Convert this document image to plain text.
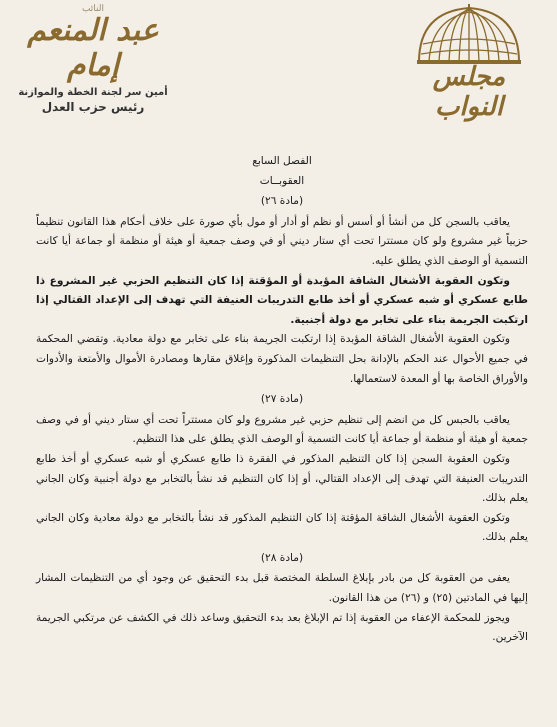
مجلس النواب
النائب
عبد المنعم إمام
أمين سر لجنة الخطة والموازنة
رئيس حزب العدل
الفصل السابع
العقوبــات
(مادة ٢٦)

يعاقب بالسجن كل من أنشأ أو أسس أو نظم أو أدار أو مول بأي صورة على خلاف أحكام هذا القانون تنظيماً حزبياً غير مشروع ولو كان مستترا تحت أي ستار ديني أو في وصف جمعية أو هيئة أو منظمة أو جماعة أيا كانت التسمية أو الوصف الذي يطلق عليه.

وتكون العقوبة الأشغال الشاقة المؤبدة أو المؤقتة إذا كان التنظيم الحزبي غير المشروع ذا طابع عسكري أو شبه عسكري أو أخذ طابع التدريبات العنيفة التي تهدف إلى الإعداد القتالي إذا ارتكبت الجريمة بناء على تخابر مع دولة أجنبية.

وتكون العقوبة الأشغال الشاقة المؤبدة إذا ارتكبت الجريمة بناء على تخابر مع دولة معادية. وتقضي المحكمة في جميع الأحوال عند الحكم بالإدانة بحل التنظيمات المذكورة وإغلاق مقارها ومصادرة الأموال والأمتعة والأدوات والأوراق الخاصة بها أو المعدة لاستعمالها.

(مادة ٢٧)

يعاقب بالحبس كل من انضم إلى تنظيم حزبي غير مشروع ولو كان مستتراً تحت أي ستار ديني أو في وصف جمعية أو هيئة أو منظمة أو جماعة أيا كانت التسمية أو الوصف الذي يطلق على هذا التنظيم.

وتكون العقوبة السجن إذا كان التنظيم المذكور في الفقرة ذا طابع عسكري أو شبه عسكري أو أخذ طابع التدريبات العنيفة التي تهدف إلى الإعداد القتالي، أو إذا كان التنظيم قد نشأ بالتخابر مع دولة أجنبية وكان الجاني يعلم بذلك.

وتكون العقوبة الأشغال الشاقة المؤقتة إذا كان التنظيم المذكور قد نشأ بالتخابر مع دولة معادية وكان الجاني يعلم بذلك.

(مادة ٢٨)

يعفى من العقوبة كل من بادر بإبلاغ السلطة المختصة قبل بدء التحقيق عن وجود أي من التنظيمات المشار إليها في المادتين (٢٥) و (٢٦) من هذا القانون.

ويجوز للمحكمة الإعفاء من العقوبة إذا تم الإبلاغ بعد بدء التحقيق وساعد ذلك في الكشف عن مرتكبي الجريمة الآخرين.
